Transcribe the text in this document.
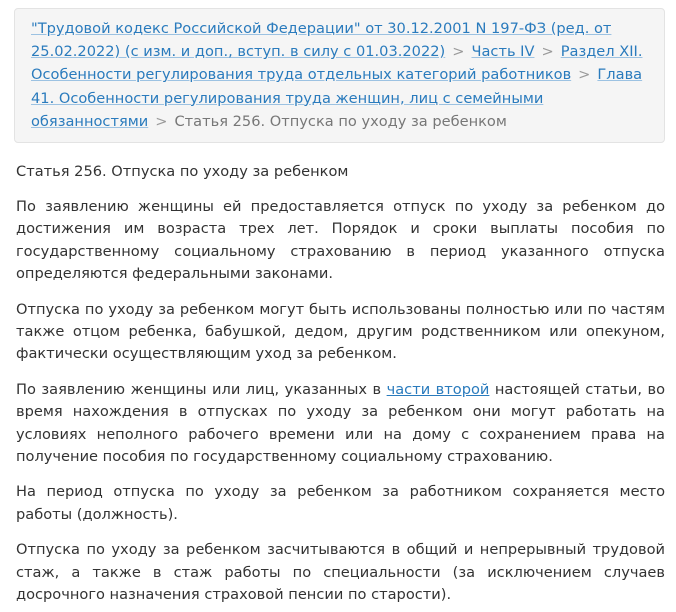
"Трудовой кодекс Российской Федерации" от 30.12.2001 N 197-ФЗ (ред. от 25.02.2022) (с изм. и доп., вступ. в силу с 01.03.2022) > Часть IV > Раздел XII. Особенности регулирования труда отдельных категорий работников > Глава 41. Особенности регулирования труда женщин, лиц с семейными обязанностями > Статья 256. Отпуска по уходу за ребенком
Статья 256. Отпуска по уходу за ребенком

По заявлению женщины ей предоставляется отпуск по уходу за ребенком до достижения им возраста трех лет. Порядок и сроки выплаты пособия по государственному социальному страхованию в период указанного отпуска определяются федеральными законами.

Отпуска по уходу за ребенком могут быть использованы полностью или по частям также отцом ребенка, бабушкой, дедом, другим родственником или опекуном, фактически осуществляющим уход за ребенком.

По заявлению женщины или лиц, указанных в части второй настоящей статьи, во время нахождения в отпусках по уходу за ребенком они могут работать на условиях неполного рабочего времени или на дому с сохранением права на получение пособия по государственному социальному страхованию.

На период отпуска по уходу за ребенком за работником сохраняется место работы (должность).

Отпуска по уходу за ребенком засчитываются в общий и непрерывный трудовой стаж, а также в стаж работы по специальности (за исключением случаев досрочного назначения страховой пенсии по старости).
